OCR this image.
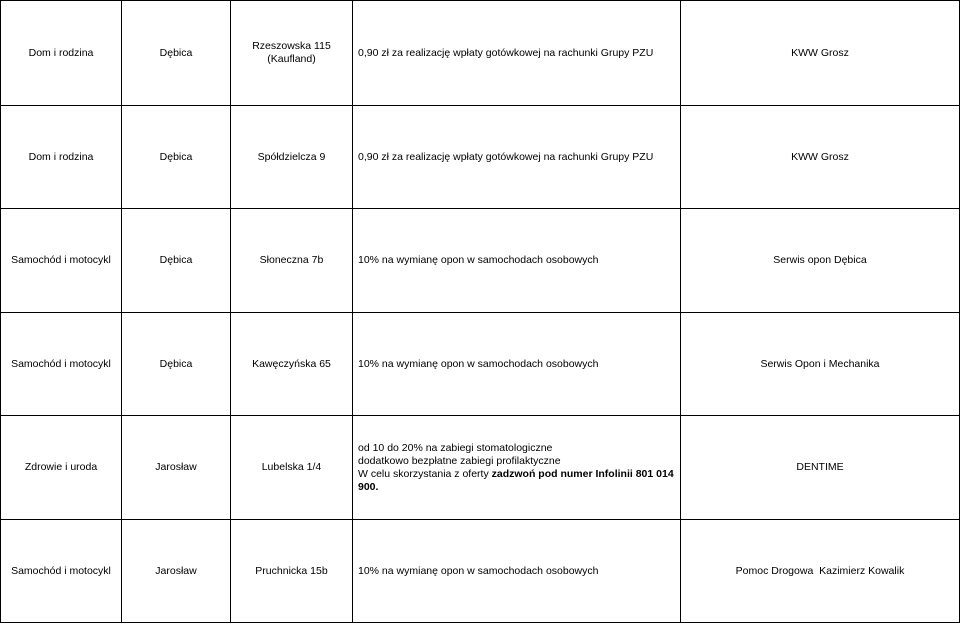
Dom i rodzina	Dębica	Rzeszowska 115
(Kaufland)	0,90 zł za realizację wpłaty gotówkowej na rachunki Grupy PZU	KWW Grosz
Dom i rodzina	Dębica	Spółdzielcza 9	0,90 zł za realizację wpłaty gotówkowej na rachunki Grupy PZU	KWW Grosz
Samochód i motocykl	Dębica	Słoneczna 7b	10% na wymianę opon w samochodach osobowych	Serwis opon Dębica
Samochód i motocykl	Dębica	Kawęczyńska 65	10% na wymianę opon w samochodach osobowych	Serwis Opon i Mechanika
Zdrowie i uroda	Jarosław	Lubelska 1/4	od 10 do 20% na zabiegi stomatologiczne
dodatkowo bezpłatne zabiegi profilaktyczne
W celu skorzystania z oferty zadzwoń pod numer Infolinii 801 014 900.	DENTIME
Samochód i motocykl	Jarosław	Pruchnicka 15b	10% na wymianę opon w samochodach osobowych	Pomoc Drogowa  Kazimierz Kowalik
